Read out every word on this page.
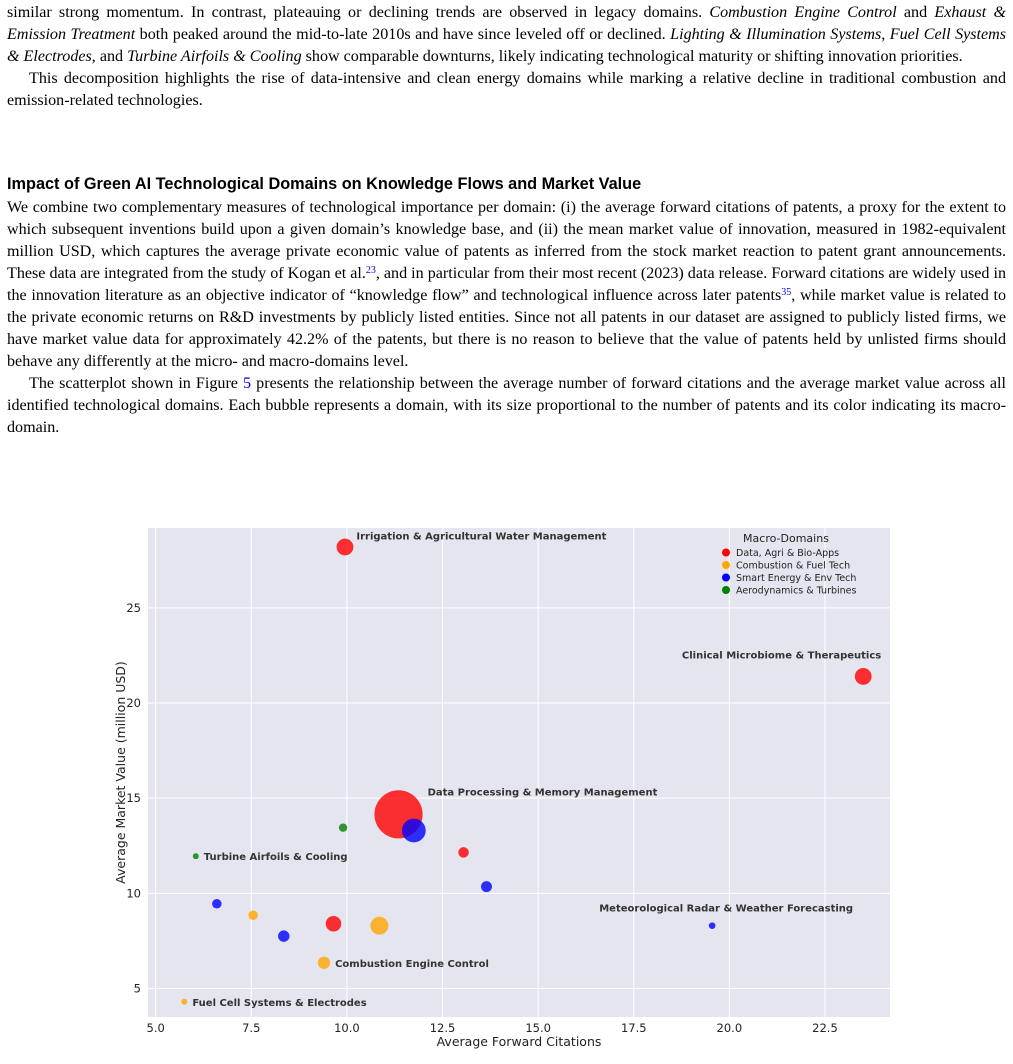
similar strong momentum. In contrast, plateauing or declining trends are observed in legacy domains. Combustion Engine Control and Exhaust & Emission Treatment both peaked around the mid-to-late 2010s and have since leveled off or declined. Lighting & Illumination Systems, Fuel Cell Systems & Electrodes, and Turbine Airfoils & Cooling show comparable downturns, likely indicating technological maturity or shifting innovation priorities.

This decomposition highlights the rise of data-intensive and clean energy domains while marking a relative decline in traditional combustion and emission-related technologies.

Impact of Green AI Technological Domains on Knowledge Flows and Market Value

We combine two complementary measures of technological importance per domain: (i) the average forward citations of patents, a proxy for the extent to which subsequent inventions build upon a given domain’s knowledge base, and (ii) the mean market value of innovation, measured in 1982-equivalent million USD, which captures the average private economic value of patents as inferred from the stock market reaction to patent grant announcements. These data are integrated from the study of Kogan et al.$^{23}$, and in particular from their most recent (2023) data release. Forward citations are widely used in the innovation literature as an objective indicator of “knowledge flow” and technological influence across later patents$^{35}$, while market value is related to the private economic returns on R&D investments by publicly listed entities. Since not all patents in our dataset are assigned to publicly listed firms, we have market value data for approximately 42.2% of the patents, but there is no reason to believe that the value of patents held by unlisted firms should behave any differently at the micro- and macro-domains level.

The scatterplot shown in Figure 5 presents the relationship between the average number of forward citations and the average market value across all identified technological domains. Each bubble represents a domain, with its size proportional to the number of patents and its color indicating its macro-domain.

Irrigation & Agricultural Water Management
Clinical Microbiome & Therapeutics
Data Processing & Memory Management
Turbine Airfoils & Cooling
Meteorological Radar & Weather Forecasting
Combustion Engine Control
Fuel Cell Systems & Electrodes
5.0	7.5	10.0	12.5	15.0	17.5	20.0	22.5
5
10
15
20
25
Average Forward Citations
Average Market Value (million USD)
Macro-Domains
Data, Agri & Bio-Apps
Combustion & Fuel Tech
Smart Energy & Env Tech
Aerodynamics & Turbines
